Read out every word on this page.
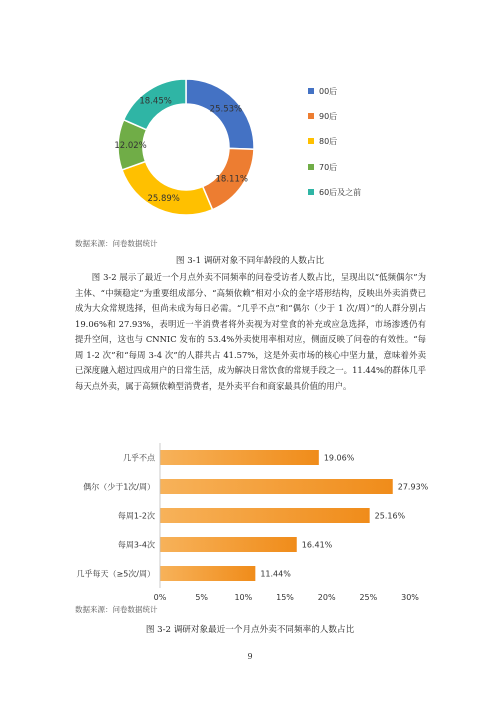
25.53%
18.11%
25.89%
12.02%
18.45%
00后
90后
80后
70后
60后及之前
数据来源：问卷数据统计
图 3-1 调研对象不同年龄段的人数占比

图 3-2 展示了最近一个月点外卖不同频率的问卷受访者人数占比，呈现出以“低频偶尔”为主体、“中频稳定”为重要组成部分、“高频依赖”相对小众的金字塔形结构，反映出外卖消费已成为大众常规选择，但尚未成为每日必需。“几乎不点”和“偶尔（少于 1 次/周）”的人群分别占 19.06%和 27.93%，表明近一半消费者将外卖视为对堂食的补充或应急选择，市场渗透仍有提升空间，这也与 CNNIC 发布的 53.4%外卖使用率相对应，侧面反映了问卷的有效性。“每周 1-2 次”和“每周 3-4 次”的人群共占 41.57%，这是外卖市场的核心中坚力量，意味着外卖已深度融入超过四成用户的日常生活，成为解决日常饮食的常规手段之一。11.44%的群体几乎每天点外卖，属于高频依赖型消费者，是外卖平台和商家最具价值的用户。

几乎不点	19.06%
偶尔（少于1次/周）	27.93%
每周1-2次	25.16%
每周3-4次	16.41%
几乎每天（≥5次/周）	11.44%
0%	5%	10%	15%	20%	25%	30%
数据来源：问卷数据统计
图 3-2 调研对象最近一个月点外卖不同频率的人数占比
9
